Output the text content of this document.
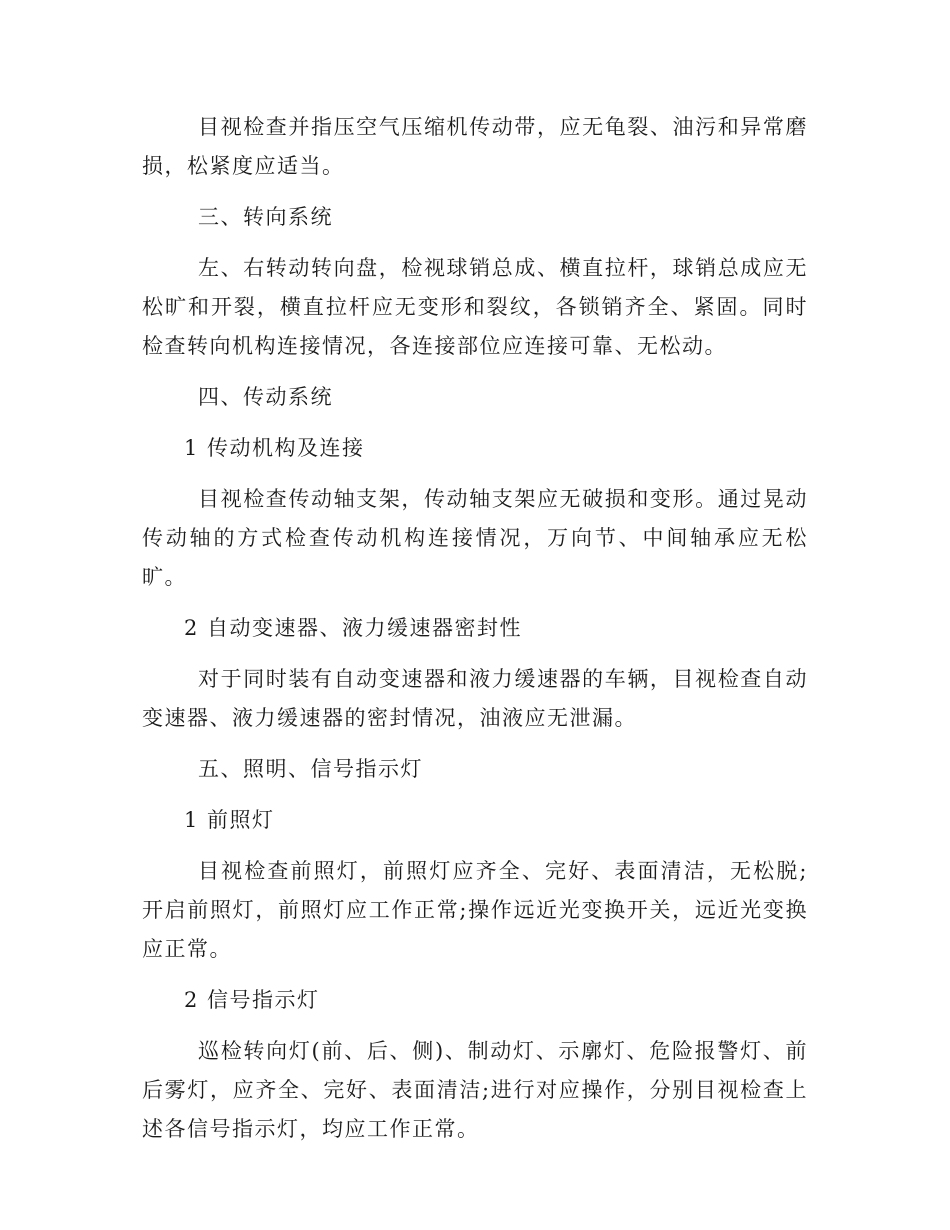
目视检查并指压空气压缩机传动带，应无龟裂、油污和异常磨损，松紧度应适当。

三、转向系统

左、右转动转向盘，检视球销总成、横直拉杆，球销总成应无松旷和开裂，横直拉杆应无变形和裂纹，各锁销齐全、紧固。同时检查转向机构连接情况，各连接部位应连接可靠、无松动。

四、传动系统

1 传动机构及连接

目视检查传动轴支架，传动轴支架应无破损和变形。通过晃动传动轴的方式检查传动机构连接情况，万向节、中间轴承应无松旷。

2 自动变速器、液力缓速器密封性

对于同时装有自动变速器和液力缓速器的车辆，目视检查自动变速器、液力缓速器的密封情况，油液应无泄漏。

五、照明、信号指示灯

1 前照灯

目视检查前照灯，前照灯应齐全、完好、表面清洁，无松脱;开启前照灯，前照灯应工作正常;操作远近光变换开关，远近光变换应正常。

2 信号指示灯

巡检转向灯(前、后、侧)、制动灯、示廓灯、危险报警灯、前后雾灯，应齐全、完好、表面清洁;进行对应操作，分别目视检查上述各信号指示灯，均应工作正常。
